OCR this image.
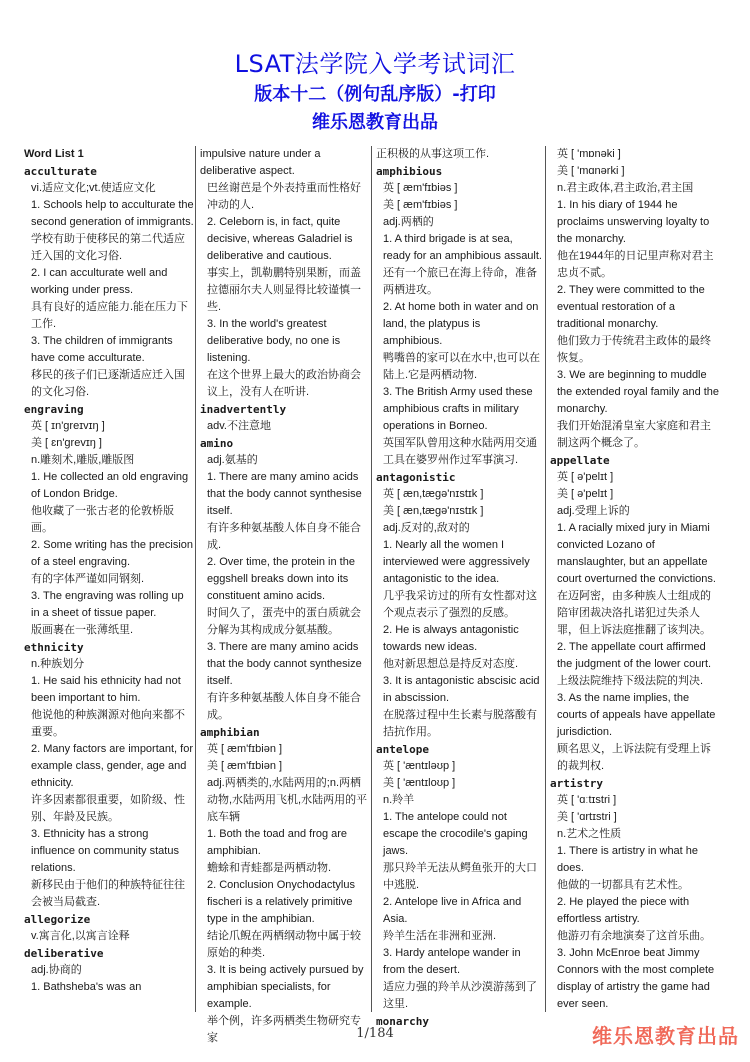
LSAT法学院入学考试词汇
版本十二（例句乱序版）-打印
维乐恩教育出品
Word List 1
acculturate
vi.适应文化;vt.使适应文化
1. Schools help to acculturate the second generation of immigrants.
学校有助于使移民的第二代适应迁入国的文化习俗.
2. I can acculturate well and working under press.
具有良好的适应能力.能在压力下工作.
3. The children of immigrants have come acculturate.
移民的孩子们已逐渐适应迁入国的文化习俗.
engraving
英 [ ɪn'greɪvɪŋ ]
美 [ ɛn'grevɪŋ ]
n.雕刻术,雕版,雕版图
1. He collected an old engraving of London Bridge.
他收藏了一张古老的伦敦桥版画。
2. Some writing has the precision of a steel engraving.
有的字体严谨如同钢刻.
3. The engraving was rolling up in a sheet of tissue paper.
版画裹在一张薄纸里.
ethnicity
n.种族划分
1. He said his ethnicity had not been important to him.
他说他的种族渊源对他向来都不重要。
2. Many factors are important, for example class, gender, age and ethnicity.
许多因素都很重要，如阶级、性别、年龄及民族。
3. Ethnicity has a strong influence on community status relations.
新移民由于他们的种族特征往往会被当局截查.
allegorize
v.寓言化,以寓言诠释
deliberative
adj.协商的
1. Bathsheba's was an
impulsive nature under a deliberative aspect.
巴丝谢芭是个外表持重而性格好冲动的人.
2. Celeborn is, in fact, quite decisive, whereas Galadriel is deliberative and cautious.
事实上，凯勒鹏特别果断，而盖拉德丽尔夫人则显得比较谨慎一些.
3. In the world's greatest deliberative body, no one is listening.
在这个世界上最大的政治协商会议上，没有人在听讲.
inadvertently
adv.不注意地
amino
adj.氨基的
1. There are many amino acids that the body cannot synthesise itself.
有许多种氨基酸人体自身不能合成.
2. Over time, the protein in the eggshell breaks down into its constituent amino acids.
时间久了，蛋壳中的蛋白质就会分解为其构成成分氨基酸。
3. There are many amino acids that the body cannot synthesize itself.
有许多种氨基酸人体自身不能合成。
amphibian
英 [ æm'fɪbiən ]
美 [ æm'fɪbiən ]
adj.两栖类的,水陆两用的;n.两栖动物,水陆两用飞机,水陆两用的平底车辆
1. Both the toad and frog are amphibian.
蟾蜍和青蛙都是两栖动物.
2. Conclusion Onychodactylus fischeri is a relatively primitive type in the amphibian.
结论爪鲵在两栖纲动物中属于较原始的种类.
3. It is being actively pursued by amphibian specialists, for example.
举个例，许多两栖类生物研究专家
正积极的从事这项工作.
amphibious
英 [ æm'fɪbiəs ]
美 [ æm'fɪbiəs ]
adj.两栖的
1. A third brigade is at sea, ready for an amphibious assault.
还有一个旅已在海上待命，准备两栖进攻。
2. At home both in water and on land, the platypus is amphibious.
鸭嘴兽的家可以在水中,也可以在陆上.它是两栖动物.
3. The British Army used these amphibious crafts in military operations in Borneo.
英国军队曾用这种水陆两用交通工具在婆罗州作过军事演习.
antagonistic
英 [ æn,tæɡə'nɪstɪk ]
美 [ æn,tæɡə'nɪstɪk ]
adj.反对的,敌对的
1. Nearly all the women I interviewed were aggressively antagonistic to the idea.
几乎我采访过的所有女性都对这个观点表示了强烈的反感。
2. He is always antagonistic towards new ideas.
他对新思想总是持反对态度.
3. It is antagonistic abscisic acid in abscission.
在脱落过程中生长素与脱落酸有拮抗作用。
antelope
英 [ 'æntɪləʊp ]
美 [ 'æntɪloʊp ]
n.羚羊
1. The antelope could not escape the crocodile's gaping jaws.
那只羚羊无法从鳄鱼张开的大口中逃脱.
2. Antelope live in Africa and Asia.
羚羊生活在非洲和亚洲.
3. Hardy antelope wander in from the desert.
适应力强的羚羊从沙漠游荡到了这里.
monarchy
英 [ 'mɒnəki ]
美 [ 'mɑnərki ]
n.君主政体,君主政治,君主国
1. In his diary of 1944 he proclaims unswerving loyalty to the monarchy.
他在1944年的日记里声称对君主忠贞不贰。
2. They were committed to the eventual restoration of a traditional monarchy.
他们致力于传统君主政体的最终恢复。
3. We are beginning to muddle the extended royal family and the monarchy.
我们开始混淆皇室大家庭和君主制这两个概念了。
appellate
英 [ ə'pelɪt ]
美 [ ə'pelɪt ]
adj.受理上诉的
1. A racially mixed jury in Miami convicted Lozano of manslaughter, but an appellate court overturned the convictions.
在迈阿密，由多种族人士组成的陪审团裁决洛扎诺犯过失杀人罪，但上诉法庭推翻了该判决。
2. The appellate court affirmed the judgment of the lower court.
上级法院维持下级法院的判决.
3. As the name implies, the courts of appeals have appellate jurisdiction.
顾名思义，上诉法院有受理上诉的裁判权.
artistry
英 [ 'ɑːtɪstri ]
美 [ 'ɑrtɪstri ]
n.艺术之性质
1. There is artistry in what he does.
他做的一切都具有艺术性。
2. He played the piece with effortless artistry.
他游刃有余地演奏了这首乐曲。
3. John McEnroe beat Jimmy Connors with the most complete display of artistry the game had ever seen.
1/184	维乐恩教育出品
